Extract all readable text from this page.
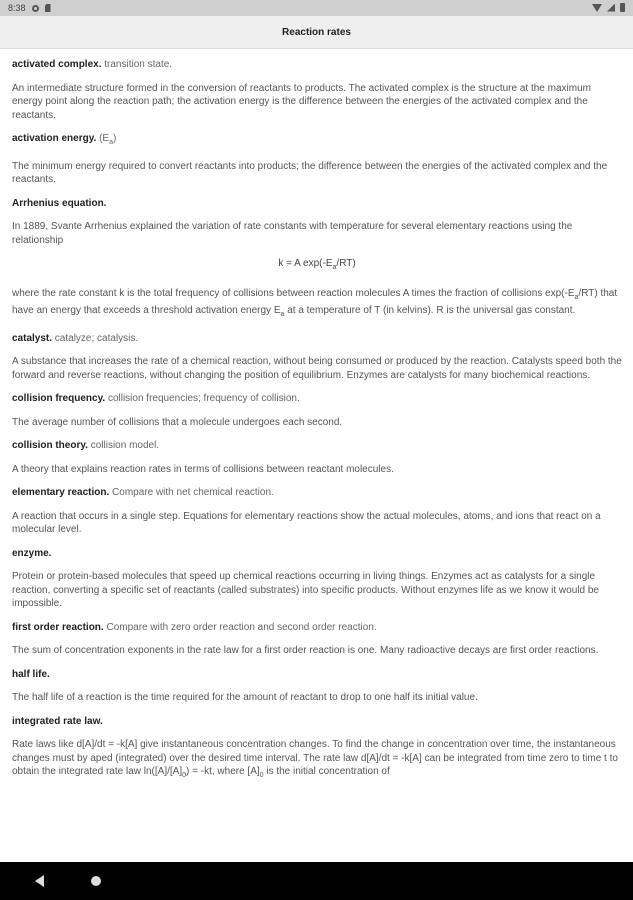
8:38
Reaction rates
activated complex. transition state.
An intermediate structure formed in the conversion of reactants to products. The activated complex is the structure at the maximum energy point along the reaction path; the activation energy is the difference between the energies of the activated complex and the reactants.
activation energy. $(E_a)$
The minimum energy required to convert reactants into products; the difference between the energies of the activated complex and the reactants.
Arrhenius equation.
In 1889, Svante Arrhenius explained the variation of rate constants with temperature for several elementary reactions using the relationship
k = A $\exp(-E_a/RT)$
where the rate constant k is the total frequency of collisions between reaction molecules A times the fraction of collisions $\exp(-E_a/RT)$ that have an energy that exceeds a threshold activation energy $E_a$ at a temperature of T (in kelvins). R is the universal gas constant.
catalyst. catalyze; catalysis.
A substance that increases the rate of a chemical reaction, without being consumed or produced by the reaction. Catalysts speed both the forward and reverse reactions, without changing the position of equilibrium. Enzymes are catalysts for many biochemical reactions.
collision frequency. collision frequencies; frequency of collision.
The average number of collisions that a molecule undergoes each second.
collision theory. collision model.
A theory that explains reaction rates in terms of collisions between reactant molecules.
elementary reaction. Compare with net chemical reaction.
A reaction that occurs in a single step. Equations for elementary reactions show the actual molecules, atoms, and ions that react on a molecular level.
enzyme.
Protein or protein-based molecules that speed up chemical reactions occurring in living things. Enzymes act as catalysts for a single reaction, converting a specific set of reactants (called substrates) into specific products. Without enzymes life as we know it would be impossible.
first order reaction. Compare with zero order reaction and second order reaction.
The sum of concentration exponents in the rate law for a first order reaction is one. Many radioactive decays are first order reactions.
half life.
The half life of a reaction is the time required for the amount of reactant to drop to one half its initial value.
integrated rate law.
Rate laws like d[A]/dt = -k[A] give instantaneous concentration changes. To find the change in concentration over time, the instantaneous changes must by aped (integrated) over the desired time interval. The rate law d[A]/dt = -k[A] can be integrated from time zero to time t to obtain the integrated rate law $\ln([A]/[A]_0) = -kt$, where $[A]_0$ is the initial concentration of
